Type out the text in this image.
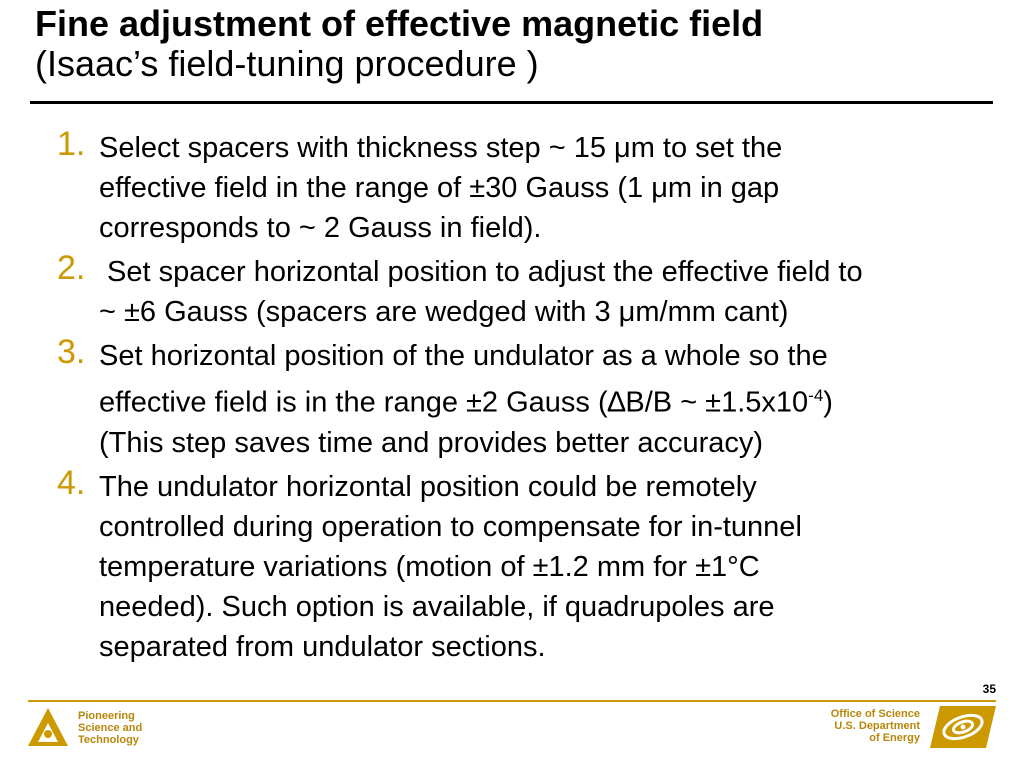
Fine adjustment of effective magnetic field
(Isaac’s field-tuning procedure )
1. Select spacers with thickness step ~ 15 μm to set the
effective field in the range of ±30 Gauss (1 μm in gap
corresponds to ~ 2 Gauss in field).
2. Set spacer horizontal position to adjust the effective field to
~ ±6 Gauss (spacers are wedged with 3 μm/mm cant)
3. Set horizontal position of the undulator as a whole so the
effective field is in the range ±2 Gauss (∆B/B ~ $\pm 1.5x10^{-4}$)
(This step saves time and provides better accuracy)
4. The undulator horizontal position could be remotely
controlled during operation to compensate for in-tunnel
temperature variations (motion of ±1.2 mm for ±1°C
needed). Such option is available, if quadrupoles are
separated from undulator sections.
35
Pioneering
Science and
Technology
Office of Science
U.S. Department
of Energy
